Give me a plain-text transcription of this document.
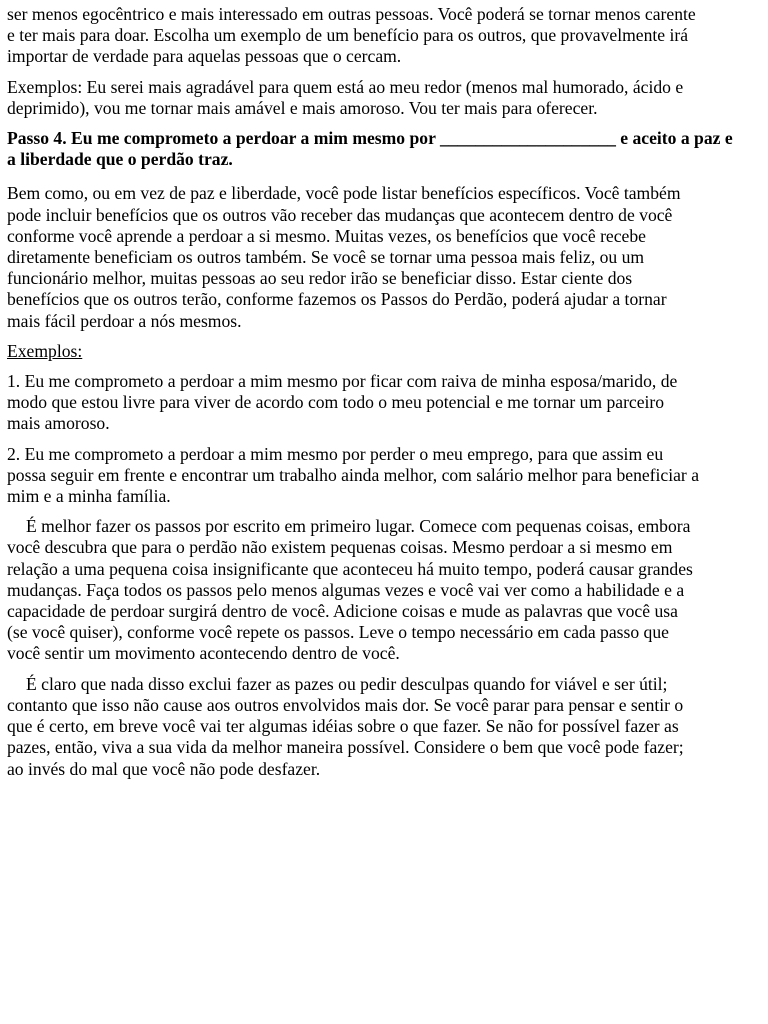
ser menos egocêntrico e mais interessado em outras pessoas. Você poderá se tornar menos carente
e ter mais para doar. Escolha um exemplo de um benefício para os outros, que provavelmente irá
importar de verdade para aquelas pessoas que o cercam.
Exemplos: Eu serei mais agradável para quem está ao meu redor (menos mal humorado, ácido e
deprimido), vou me tornar mais amável e mais amoroso. Vou ter mais para oferecer.
Passo 4. Eu me comprometo a perdoar a mim mesmo por ____________________ e aceito a paz e
a liberdade que o perdão traz.
Bem como, ou em vez de paz e liberdade, você pode listar benefícios específicos. Você também
pode incluir benefícios que os outros vão receber das mudanças que acontecem dentro de você
conforme você aprende a perdoar a si mesmo. Muitas vezes, os benefícios que você recebe
diretamente beneficiam os outros também. Se você se tornar uma pessoa mais feliz, ou um
funcionário melhor, muitas pessoas ao seu redor irão se beneficiar disso. Estar ciente dos
benefícios que os outros terão, conforme fazemos os Passos do Perdão, poderá ajudar a tornar
mais fácil perdoar a nós mesmos.
Exemplos:
1. Eu me comprometo a perdoar a mim mesmo por ficar com raiva de minha esposa/marido, de
modo que estou livre para viver de acordo com todo o meu potencial e me tornar um parceiro
mais amoroso.
2. Eu me comprometo a perdoar a mim mesmo por perder o meu emprego, para que assim eu
possa seguir em frente e encontrar um trabalho ainda melhor, com salário melhor para beneficiar a
mim e a minha família.
É melhor fazer os passos por escrito em primeiro lugar. Comece com pequenas coisas, embora
você descubra que para o perdão não existem pequenas coisas. Mesmo perdoar a si mesmo em
relação a uma pequena coisa insignificante que aconteceu há muito tempo, poderá causar grandes
mudanças. Faça todos os passos pelo menos algumas vezes e você vai ver como a habilidade e a
capacidade de perdoar surgirá dentro de você. Adicione coisas e mude as palavras que você usa
(se você quiser), conforme você repete os passos. Leve o tempo necessário em cada passo que
você sentir um movimento acontecendo dentro de você.
É claro que nada disso exclui fazer as pazes ou pedir desculpas quando for viável e ser útil;
contanto que isso não cause aos outros envolvidos mais dor. Se você parar para pensar e sentir o
que é certo, em breve você vai ter algumas idéias sobre o que fazer. Se não for possível fazer as
pazes, então, viva a sua vida da melhor maneira possível. Considere o bem que você pode fazer;
ao invés do mal que você não pode desfazer.
